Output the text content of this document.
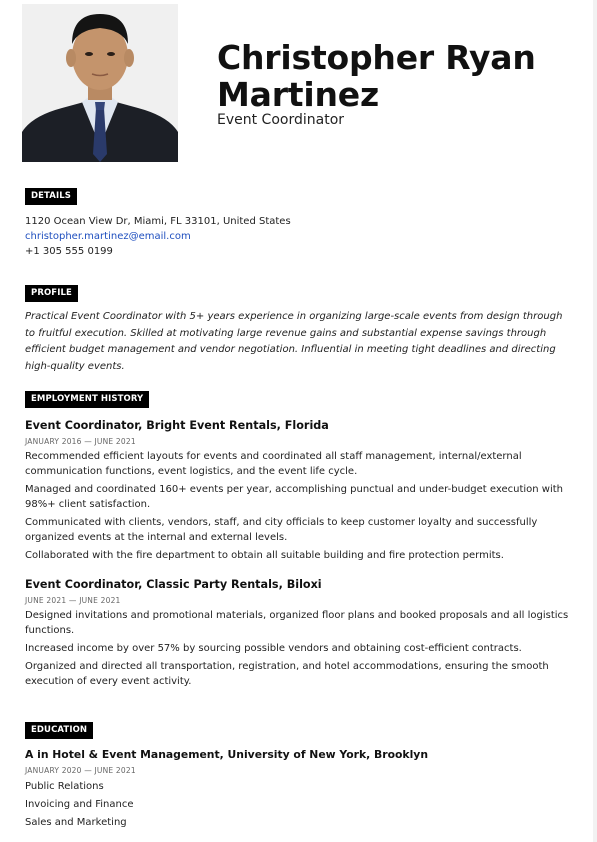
Christopher Ryan Martinez
Event Coordinator
DETAILS
1120 Ocean View Dr, Miami, FL 33101, United States
christopher.martinez@email.com
+1 305 555 0199
PROFILE
Practical Event Coordinator with 5+ years experience in organizing large-scale events from design through to fruitful execution. Skilled at motivating large revenue gains and substantial expense savings through efficient budget management and vendor negotiation. Influential in meeting tight deadlines and directing high-quality events.
EMPLOYMENT HISTORY
Event Coordinator, Bright Event Rentals, Florida
JANUARY 2016 — JUNE 2021
Recommended efficient layouts for events and coordinated all staff management, internal/external communication functions, event logistics, and the event life cycle.
Managed and coordinated 160+ events per year, accomplishing punctual and under-budget execution with 98%+ client satisfaction.
Communicated with clients, vendors, staff, and city officials to keep customer loyalty and successfully organized events at the internal and external levels.
Collaborated with the fire department to obtain all suitable building and fire protection permits.
Event Coordinator, Classic Party Rentals, Biloxi
JUNE 2021 — JUNE 2021
Designed invitations and promotional materials, organized floor plans and booked proposals and all logistics functions.
Increased income by over 57% by sourcing possible vendors and obtaining cost-efficient contracts.
Organized and directed all transportation, registration, and hotel accommodations, ensuring the smooth execution of every event activity.
EDUCATION
A in Hotel & Event Management, University of New York, Brooklyn
JANUARY 2020 — JUNE 2021
Public Relations
Invoicing and Finance
Sales and Marketing
